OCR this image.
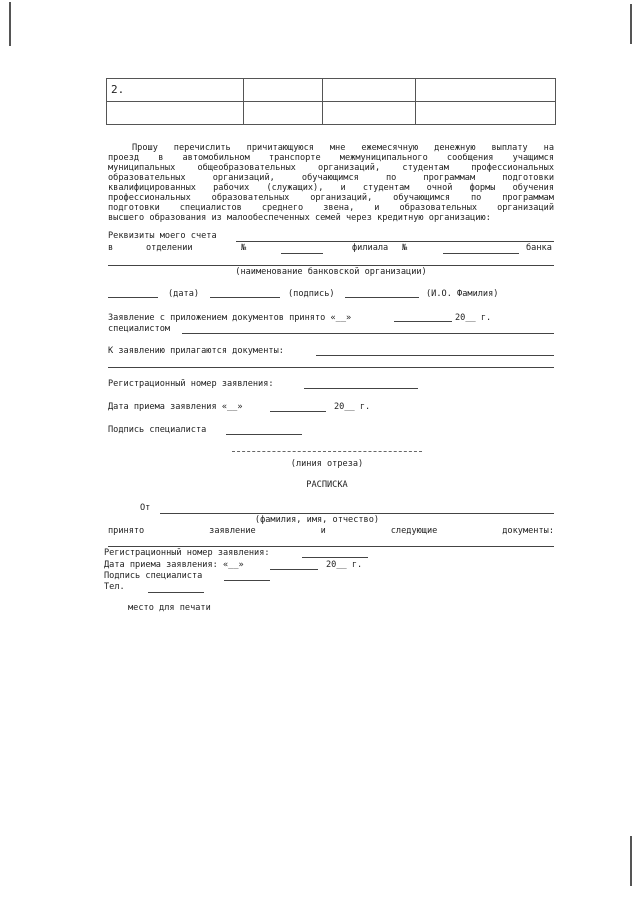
2.			

Прошу перечислить причитающуюся мне ежемесячную денежную выплату на

проезд в автомобильном транспорте межмуниципального сообщения учащимся

муниципальных общеобразовательных организаций, студентам профессиональных

образовательных организаций, обучающимся по программам подготовки

квалифицированных рабочих (служащих), и студентам очной формы обучения

профессиональных образовательных организаций, обучающимся по программам

подготовки специалистов среднего звена, и образовательных организаций

высшего образования из малообеспеченных семей через кредитную организацию:

Реквизиты моего счета
в	отделении	№	филиала №	банка
(наименование банковской организации)
(дата)	(подпись)	(И.О. Фамилия)
Заявление с приложением документов принято «__»	20__ г.
специалистом
К заявлению прилагаются документы:
Регистрационный номер заявления:
Дата приема заявления «__»	20__ г.
Подпись специалиста
(линия отреза)
РАСПИСКА
От
(фамилия, имя, отчество)
принято	заявление	и	следующие	документы:
Регистрационный номер заявления:
Дата приема заявления: «__»	20__ г.
Подпись специалиста
Тел.
место для печати
